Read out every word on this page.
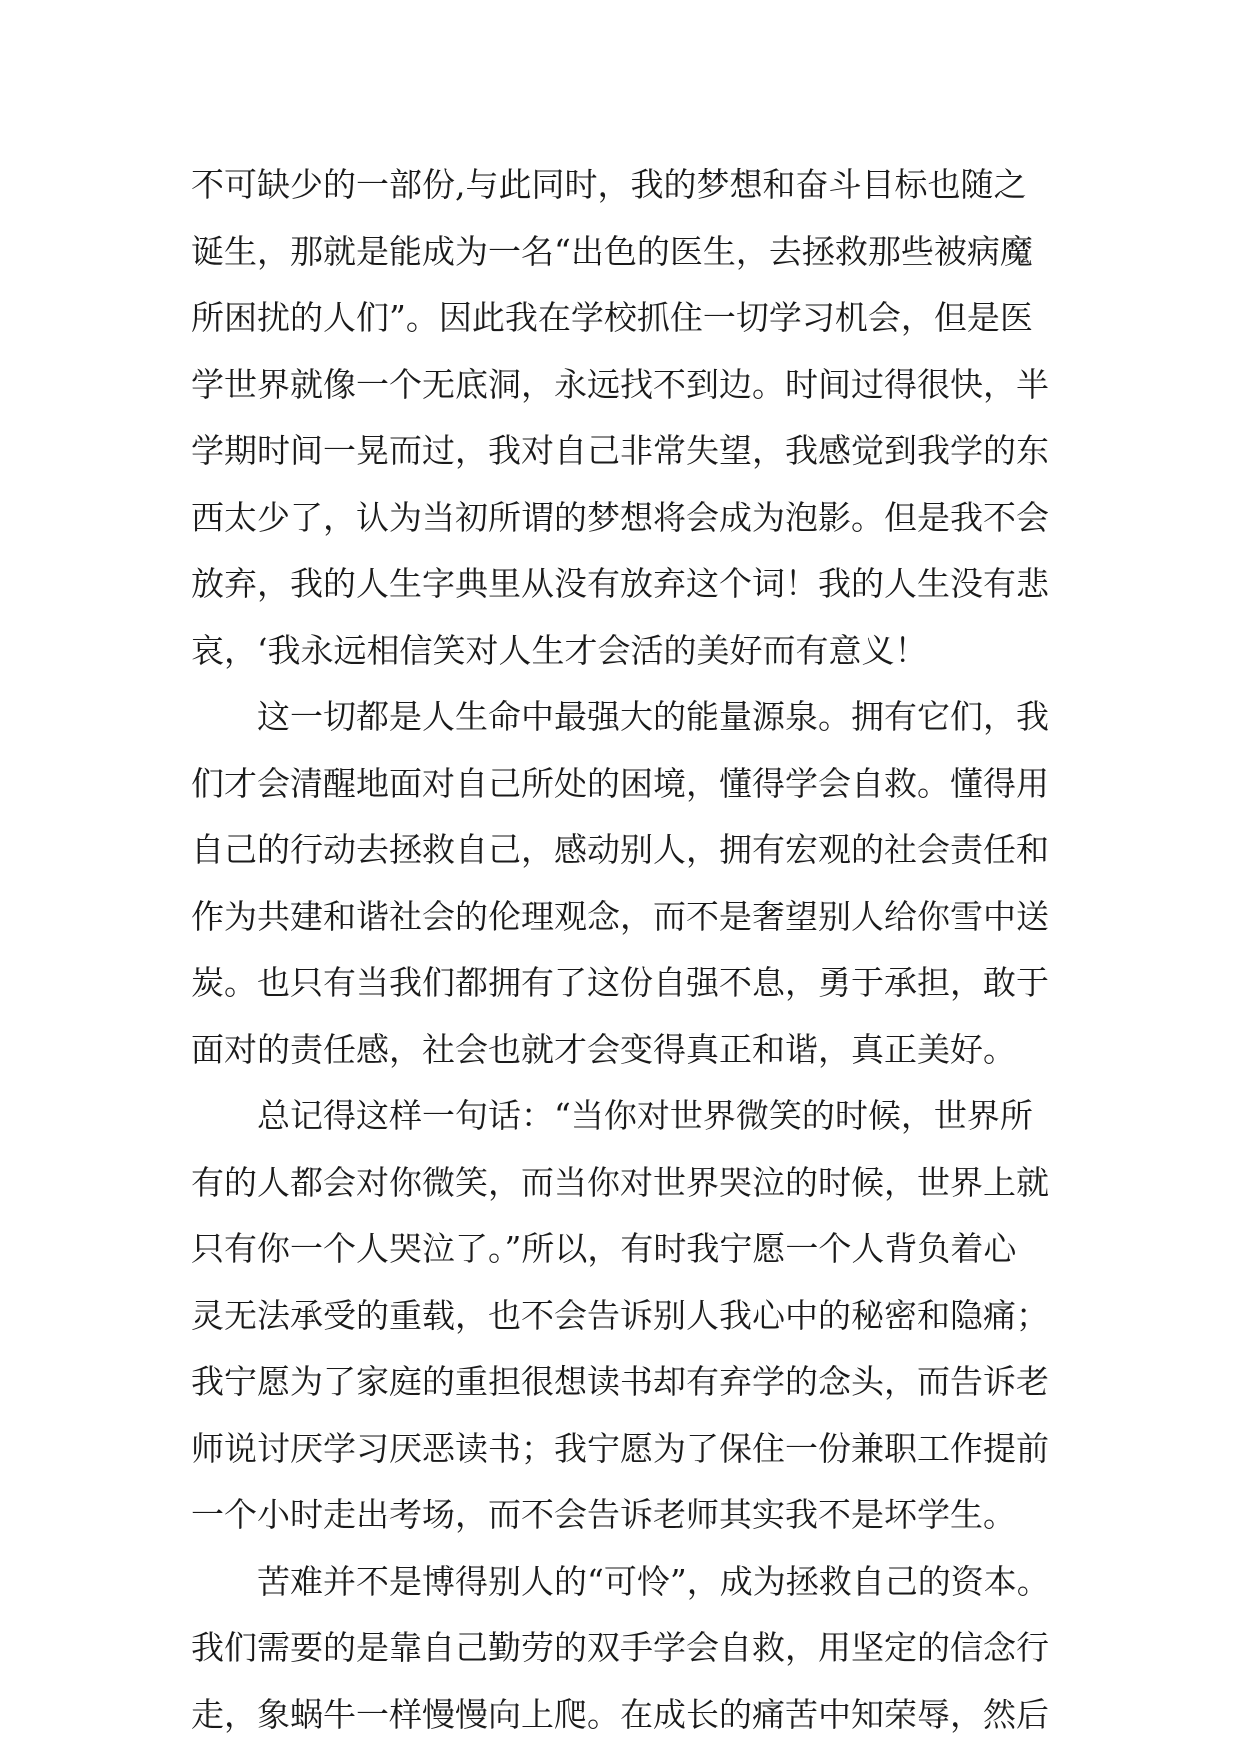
不可缺少的一部份,与此同时，我的梦想和奋斗目标也随之
诞生，那就是能成为一名“出色的医生，去拯救那些被病魔
所困扰的人们”。因此我在学校抓住一切学习机会，但是医
学世界就像一个无底洞，永远找不到边。时间过得很快，半
学期时间一晃而过，我对自己非常失望，我感觉到我学的东
西太少了，认为当初所谓的梦想将会成为泡影。但是我不会
放弃，我的人生字典里从没有放弃这个词！我的人生没有悲
哀，‘我永远相信笑对人生才会活的美好而有意义！
这一切都是人生命中最强大的能量源泉。拥有它们，我
们才会清醒地面对自己所处的困境，懂得学会自救。懂得用
自己的行动去拯救自己，感动别人，拥有宏观的社会责任和
作为共建和谐社会的伦理观念，而不是奢望别人给你雪中送
炭。也只有当我们都拥有了这份自强不息，勇于承担，敢于
面对的责任感，社会也就才会变得真正和谐，真正美好。
总记得这样一句话：“当你对世界微笑的时候，世界所
有的人都会对你微笑，而当你对世界哭泣的时候，世界上就
只有你一个人哭泣了。”所以，有时我宁愿一个人背负着心
灵无法承受的重载，也不会告诉别人我心中的秘密和隐痛；
我宁愿为了家庭的重担很想读书却有弃学的念头，而告诉老
师说讨厌学习厌恶读书；我宁愿为了保住一份兼职工作提前
一个小时走出考场，而不会告诉老师其实我不是坏学生。
苦难并不是博得别人的“可怜”，成为拯救自己的资本。
我们需要的是靠自己勤劳的双手学会自救，用坚定的信念行
走，象蜗牛一样慢慢向上爬。在成长的痛苦中知荣辱，然后
